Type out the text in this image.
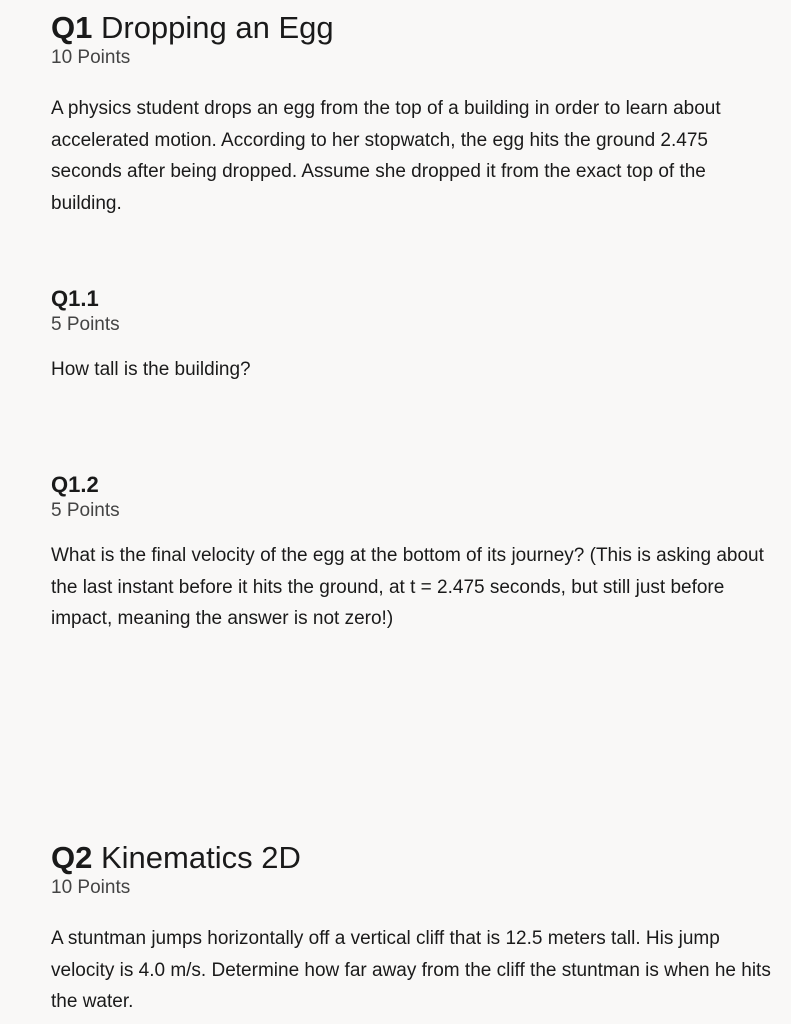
Q1 Dropping an Egg
10 Points

A physics student drops an egg from the top of a building in order to learn about accelerated motion. According to her stopwatch, the egg hits the ground 2.475 seconds after being dropped. Assume she dropped it from the exact top of the building.

Q1.1
5 Points

How tall is the building?

Q1.2
5 Points

What is the final velocity of the egg at the bottom of its journey? (This is asking about the last instant before it hits the ground, at t = 2.475 seconds, but still just before impact, meaning the answer is not zero!)

Q2 Kinematics 2D
10 Points

A stuntman jumps horizontally off a vertical cliff that is 12.5 meters tall. His jump velocity is 4.0 m/s. Determine how far away from the cliff the stuntman is when he hits the water.
